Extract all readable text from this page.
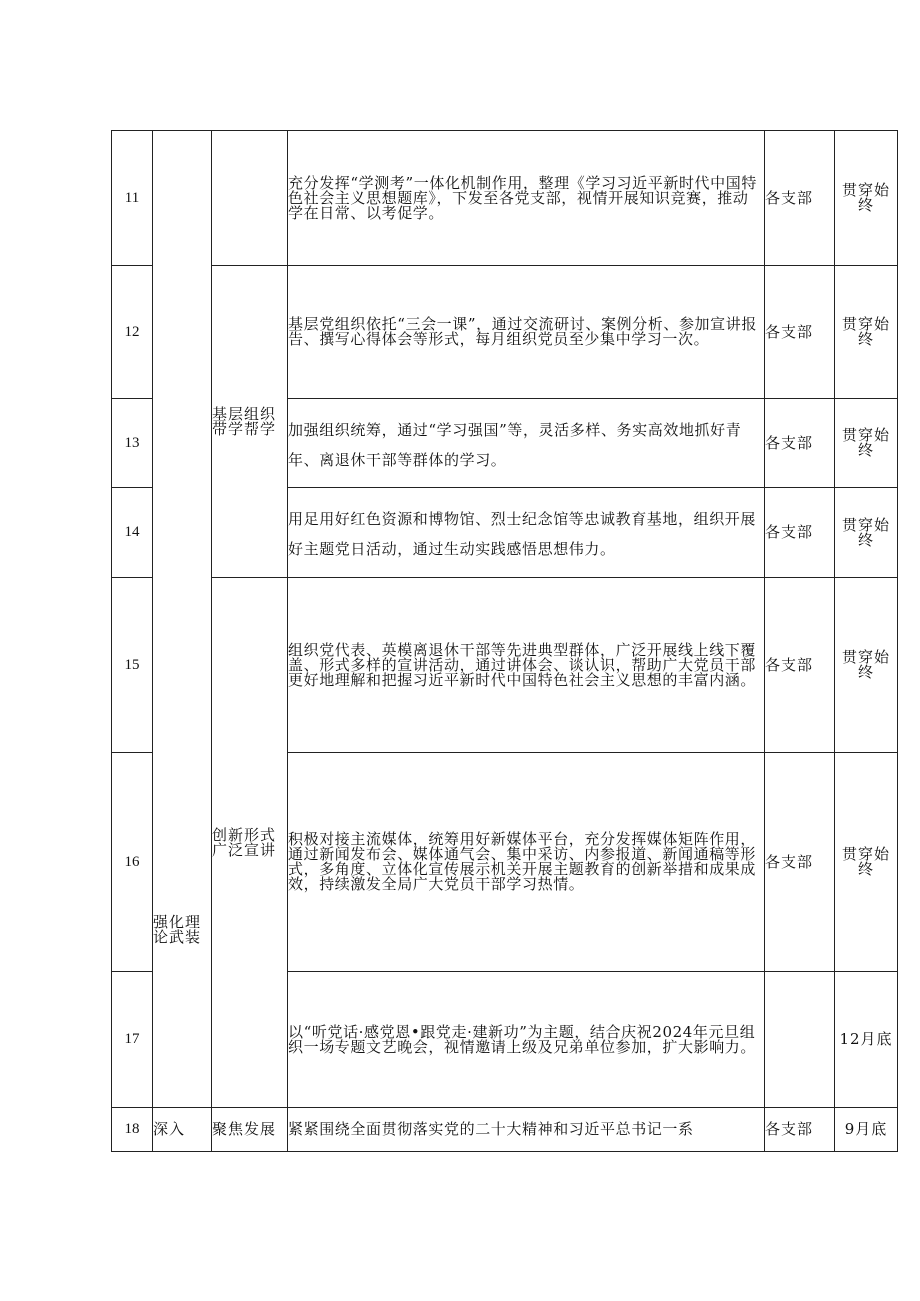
11			充分发挥“学测考”一体化机制作用，整理《学习习近平新时代中国特色社会主义思想题库》，下发至各党支部，视情开展知识竞赛，推动学在日常、以考促学。	各支部	贯穿始终
12		基层组织带学帮学	基层党组织依托“三会一课”，通过交流研讨、案例分析、参加宣讲报告、撰写心得体会等形式，每月组织党员至少集中学习一次。	各支部	贯穿始终
13			加强组织统筹，通过“学习强国”等，灵活多样、务实高效地抓好青年、离退休干部等群体的学习。	各支部	贯穿始终
14			用足用好红色资源和博物馆、烈士纪念馆等忠诚教育基地，组织开展好主题党日活动，通过生动实践感悟思想伟力。	各支部	贯穿始终
15		创新形式广泛宣讲	组织党代表、英模离退休干部等先进典型群体，广泛开展线上线下覆盖、形式多样的宣讲活动，通过讲体会、谈认识，帮助广大党员干部更好地理解和把握习近平新时代中国特色社会主义思想的丰富内涵。	各支部	贯穿始终
16	强化理论武装		积极对接主流媒体，统筹用好新媒体平台，充分发挥媒体矩阵作用，通过新闻发布会、媒体通气会、集中采访、内参报道、新闻通稿等形式，多角度、立体化宣传展示机关开展主题教育的创新举措和成果成效，持续激发全局广大党员干部学习热情。	各支部	贯穿始终
17			以“听党话·感党恩•跟党走·建新功”为主题，结合庆祝2024年元旦组织一场专题文艺晚会，视情邀请上级及兄弟单位参加，扩大影响力。		12月底
18	深入	聚焦发展	紧紧围绕全面贯彻落实党的二十大精神和习近平总书记一系	各支部	9月底
